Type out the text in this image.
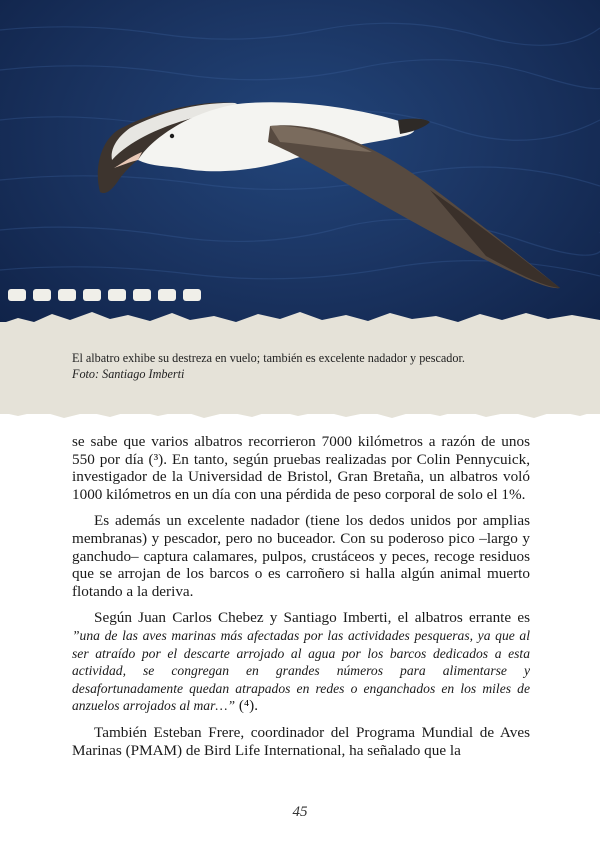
El albatro exhibe su destreza en vuelo; también es excelente nadador y pescador.
Foto: Santiago Imberti

se sabe que varios albatros recorrieron 7000 kilómetros a razón de unos 550 por día (³). En tanto, según pruebas realizadas por Colin Pennycuick, investigador de la Universidad de Bristol, Gran Bretaña, un albatros voló 1000 kilómetros en un día con una pérdida de peso corporal de solo el 1%.

Es además un excelente nadador (tiene los dedos unidos por amplias membranas) y pescador, pero no buceador. Con su poderoso pico –largo y ganchudo– captura calamares, pulpos, crustáceos y peces, recoge residuos que se arrojan de los barcos o es carroñero si halla algún animal muerto flotando a la deriva.

Según Juan Carlos Chebez y Santiago Imberti, el albatros errante es ”una de las aves marinas más afectadas por las actividades pesqueras, ya que al ser atraído por el descarte arrojado al agua por los barcos dedicados a esta actividad, se congregan en grandes números para alimentarse y desafortunadamente quedan atrapados en redes o enganchados en los miles de anzuelos arrojados al mar…” (⁴).

También Esteban Frere, coordinador del Programa Mundial de Aves Marinas (PMAM) de Bird Life International, ha señalado que la

45
